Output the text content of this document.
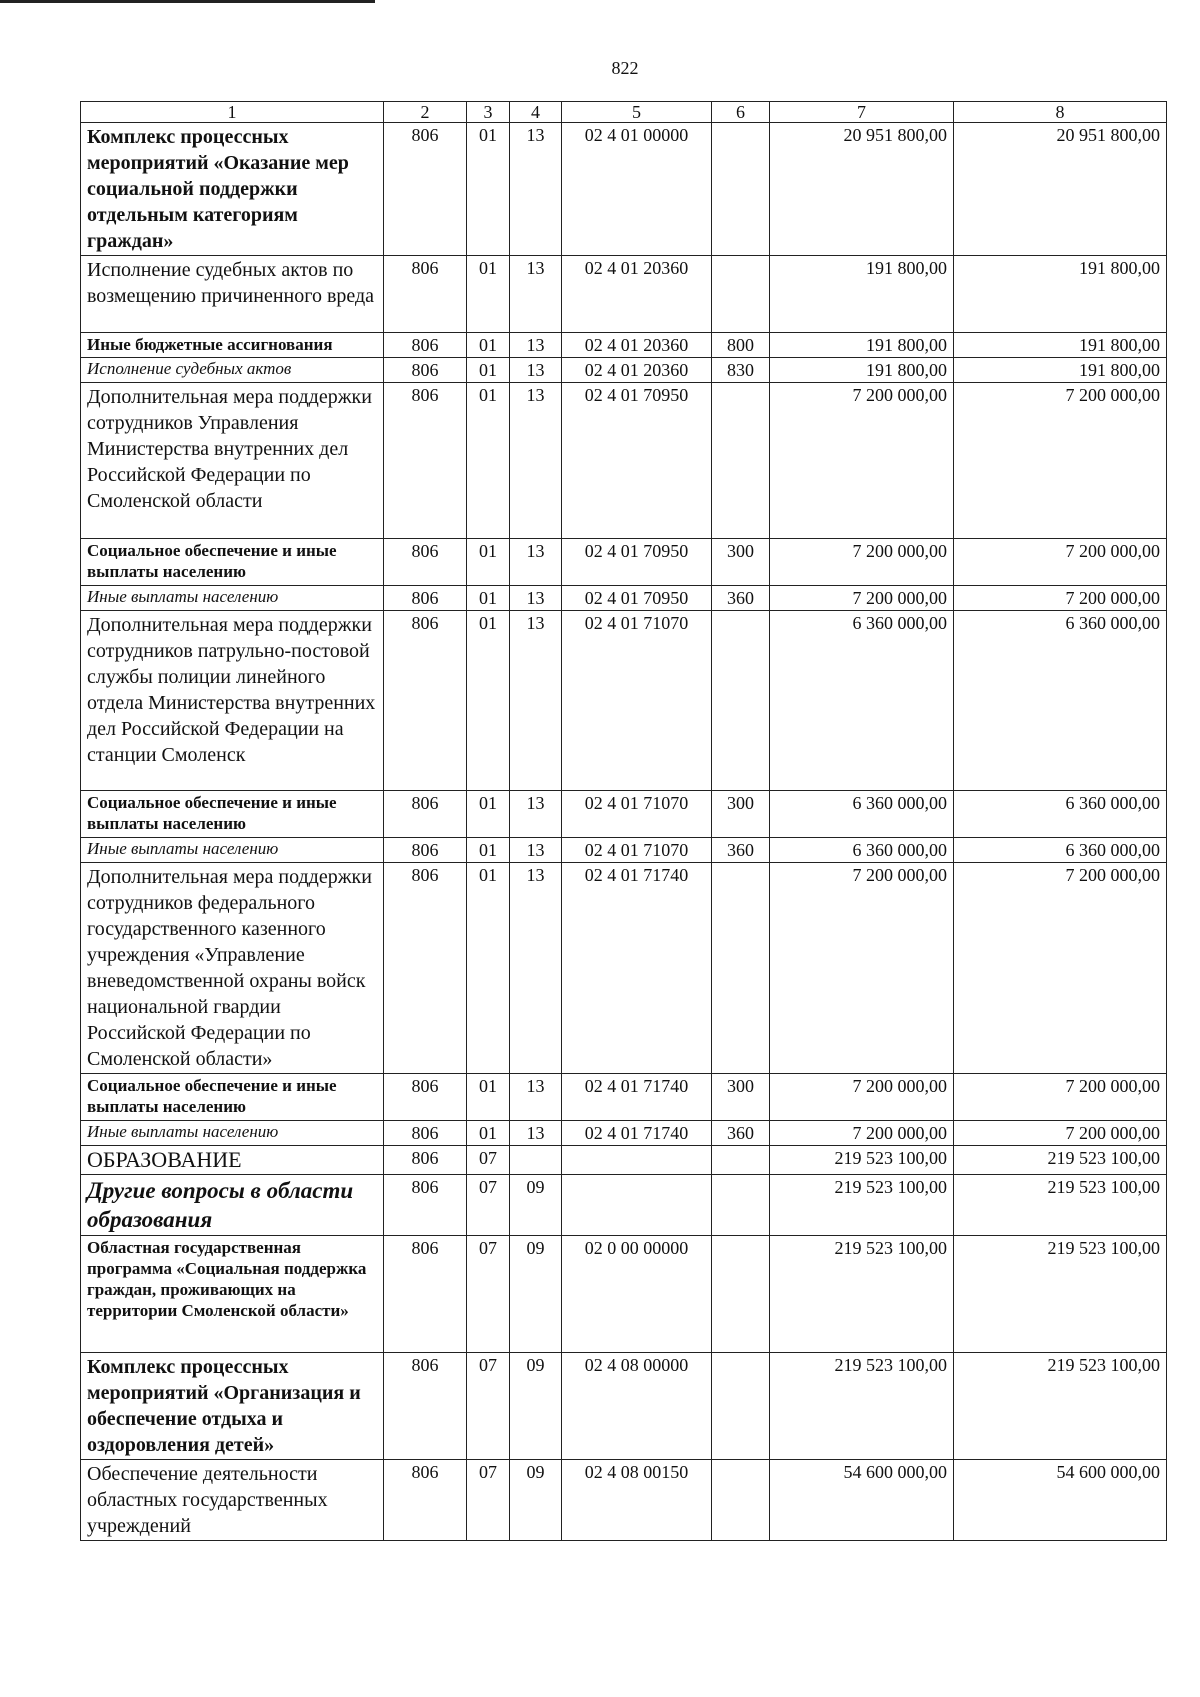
822
1	2	3	4	5	6	7	8
Комплекс процессных мероприятий «Оказание мер социальной поддержки отдельным категориям граждан»	806	01	13	02 4 01 00000		20 951 800,00	20 951 800,00
Исполнение судебных актов по возмещению причиненного вреда	806	01	13	02 4 01 20360		191 800,00	191 800,00
Иные бюджетные ассигнования	806	01	13	02 4 01 20360	800	191 800,00	191 800,00
Исполнение судебных актов	806	01	13	02 4 01 20360	830	191 800,00	191 800,00
Дополнительная мера поддержки сотрудников Управления Министерства внутренних дел Российской Федерации по Смоленской области	806	01	13	02 4 01 70950		7 200 000,00	7 200 000,00
Социальное обеспечение и иные выплаты населению	806	01	13	02 4 01 70950	300	7 200 000,00	7 200 000,00
Иные выплаты населению	806	01	13	02 4 01 70950	360	7 200 000,00	7 200 000,00
Дополнительная мера поддержки сотрудников патрульно-постовой службы полиции линейного отдела Министерства внутренних дел Российской Федерации на станции Смоленск	806	01	13	02 4 01 71070		6 360 000,00	6 360 000,00
Социальное обеспечение и иные выплаты населению	806	01	13	02 4 01 71070	300	6 360 000,00	6 360 000,00
Иные выплаты населению	806	01	13	02 4 01 71070	360	6 360 000,00	6 360 000,00
Дополнительная мера поддержки сотрудников федерального государственного казенного учреждения «Управление вневедомственной охраны войск национальной гвардии Российской Федерации по Смоленской области»	806	01	13	02 4 01 71740		7 200 000,00	7 200 000,00
Социальное обеспечение и иные выплаты населению	806	01	13	02 4 01 71740	300	7 200 000,00	7 200 000,00
Иные выплаты населению	806	01	13	02 4 01 71740	360	7 200 000,00	7 200 000,00
ОБРАЗОВАНИЕ	806	07				219 523 100,00	219 523 100,00
Другие вопросы в области образования	806	07	09			219 523 100,00	219 523 100,00
Областная государственная программа «Социальная поддержка граждан, проживающих на территории Смоленской области»	806	07	09	02 0 00 00000		219 523 100,00	219 523 100,00
Комплекс процессных мероприятий «Организация и обеспечение отдыха и оздоровления детей»	806	07	09	02 4 08 00000		219 523 100,00	219 523 100,00
Обеспечение деятельности областных государственных учреждений	806	07	09	02 4 08 00150		54 600 000,00	54 600 000,00
